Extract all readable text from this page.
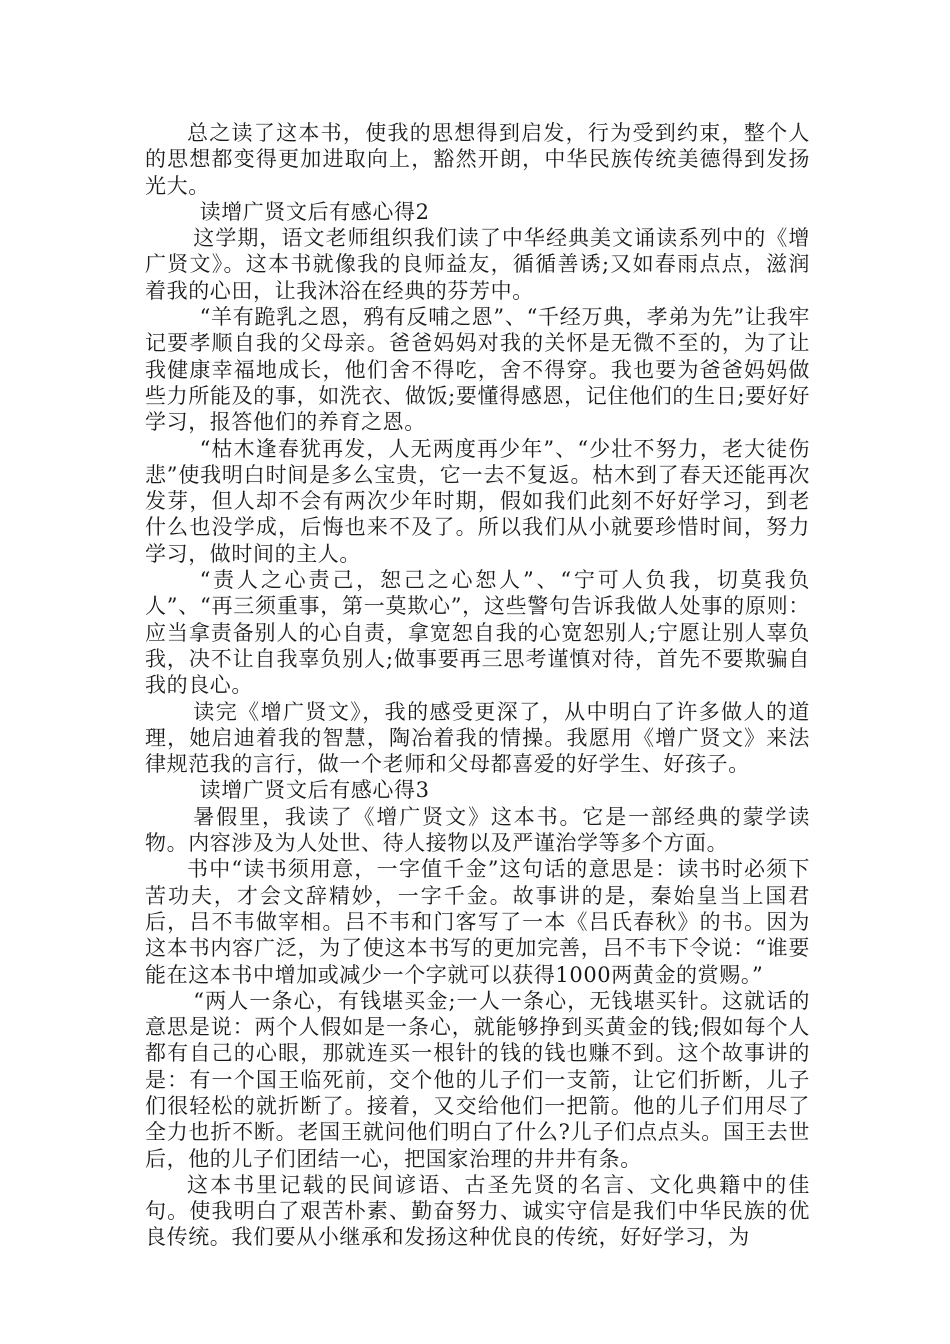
总之读了这本书，使我的思想得到启发，行为受到约束，整个人的思想都变得更加进取向上，豁然开朗，中华民族传统美德得到发扬光大。

读增广贤文后有感心得2

这学期，语文老师组织我们读了中华经典美文诵读系列中的《增广贤文》。这本书就像我的良师益友，循循善诱;又如春雨点点，滋润着我的心田，让我沐浴在经典的芬芳中。

“羊有跪乳之恩，鸦有反哺之恩”、“千经万典，孝弟为先”让我牢记要孝顺自我的父母亲。爸爸妈妈对我的关怀是无微不至的，为了让我健康幸福地成长，他们舍不得吃，舍不得穿。我也要为爸爸妈妈做些力所能及的事，如洗衣、做饭;要懂得感恩，记住他们的生日;要好好学习，报答他们的养育之恩。

“枯木逢春犹再发，人无两度再少年”、“少壮不努力，老大徒伤悲”使我明白时间是多么宝贵，它一去不复返。枯木到了春天还能再次发芽，但人却不会有两次少年时期，假如我们此刻不好好学习，到老什么也没学成，后悔也来不及了。所以我们从小就要珍惜时间，努力学习，做时间的主人。

“责人之心责己，恕己之心恕人”、“宁可人负我，切莫我负人”、“再三须重事，第一莫欺心”，这些警句告诉我做人处事的原则：应当拿责备别人的心自责，拿宽恕自我的心宽恕别人;宁愿让别人辜负我，决不让自我辜负别人;做事要再三思考谨慎对待，首先不要欺骗自我的良心。

读完《增广贤文》，我的感受更深了，从中明白了许多做人的道理，她启迪着我的智慧，陶冶着我的情操。我愿用《增广贤文》来法律规范我的言行，做一个老师和父母都喜爱的好学生、好孩子。

读增广贤文后有感心得3

暑假里，我读了《增广贤文》这本书。它是一部经典的蒙学读物。内容涉及为人处世、待人接物以及严谨治学等多个方面。

书中“读书须用意，一字值千金”这句话的意思是：读书时必须下苦功夫，才会文辞精妙，一字千金。故事讲的是，秦始皇当上国君后，吕不韦做宰相。吕不韦和门客写了一本《吕氏春秋》的书。因为这本书内容广泛，为了使这本书写的更加完善，吕不韦下令说：“谁要能在这本书中增加或减少一个字就可以获得1000两黄金的赏赐。”

“两人一条心，有钱堪买金;一人一条心，无钱堪买针。这就话的意思是说：两个人假如是一条心，就能够挣到买黄金的钱;假如每个人都有自己的心眼，那就连买一根针的钱的钱也赚不到。这个故事讲的是：有一个国王临死前，交个他的儿子们一支箭，让它们折断，儿子们很轻松的就折断了。接着，又交给他们一把箭。他的儿子们用尽了全力也折不断。老国王就问他们明白了什么?儿子们点点头。国王去世后，他的儿子们团结一心，把国家治理的井井有条。

这本书里记载的民间谚语、古圣先贤的名言、文化典籍中的佳句。使我明白了艰苦朴素、勤奋努力、诚实守信是我们中华民族的优良传统。我们要从小继承和发扬这种优良的传统，好好学习，为
